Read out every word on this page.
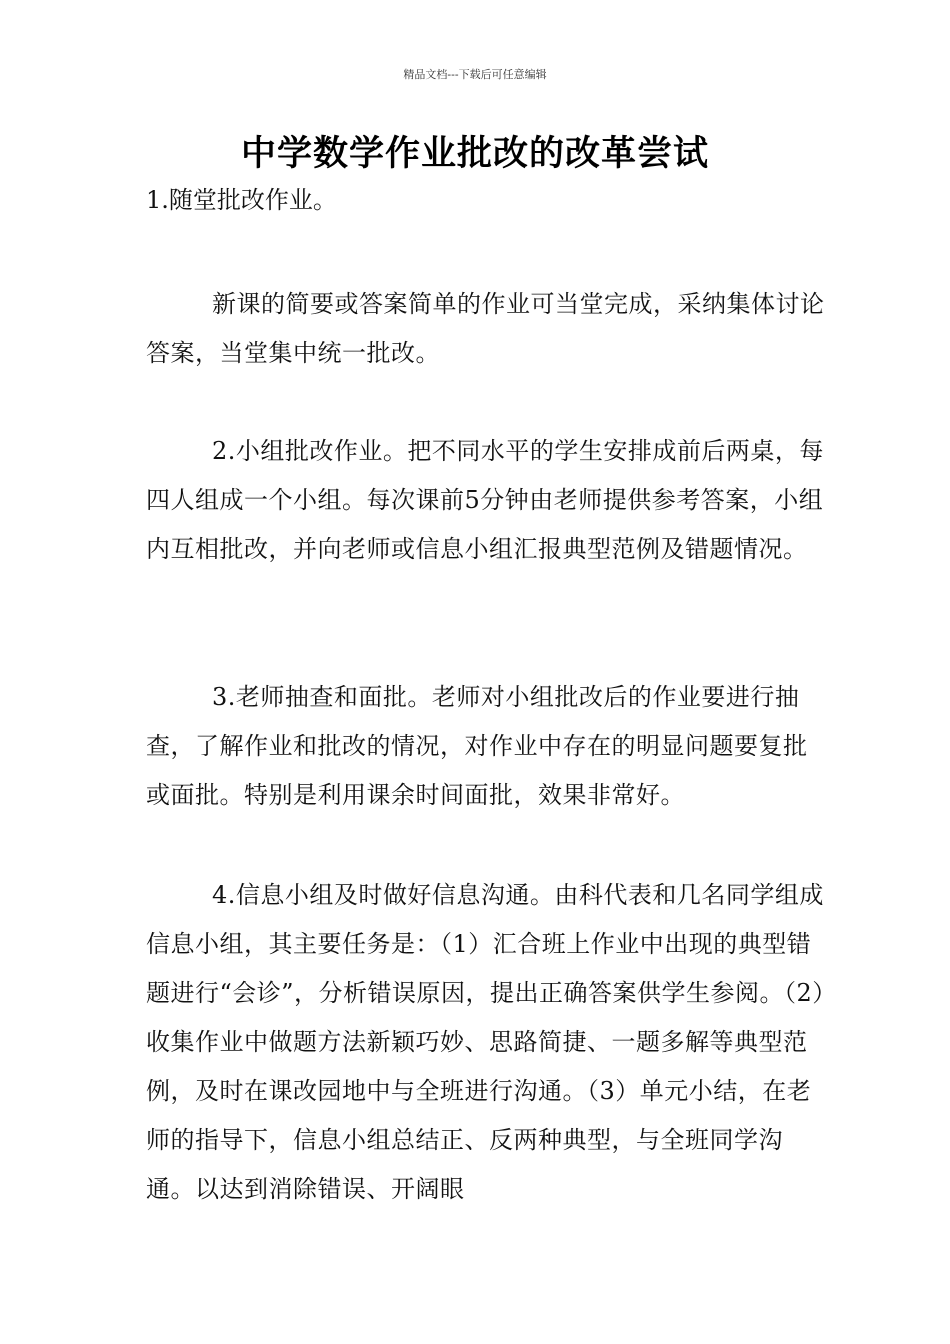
精品文档---下载后可任意编辑
中学数学作业批改的改革尝试

1.随堂批改作业。

新课的简要或答案简单的作业可当堂完成，采纳集体讨论答案，当堂集中统一批改。

2.小组批改作业。把不同水平的学生安排成前后两桌，每四人组成一个小组。每次课前5分钟由老师提供参考答案，小组内互相批改，并向老师或信息小组汇报典型范例及错题情况。

3.老师抽查和面批。老师对小组批改后的作业要进行抽查，了解作业和批改的情况，对作业中存在的明显问题要复批或面批。特别是利用课余时间面批，效果非常好。

4.信息小组及时做好信息沟通。由科代表和几名同学组成信息小组，其主要任务是：（1）汇合班上作业中出现的典型错题进行“会诊”，分析错误原因，提出正确答案供学生参阅。（2）收集作业中做题方法新颖巧妙、思路简捷、一题多解等典型范例，及时在课改园地中与全班进行沟通。（3）单元小结，在老师的指导下，信息小组总结正、反两种典型，与全班同学沟通。以达到消除错误、开阔眼
